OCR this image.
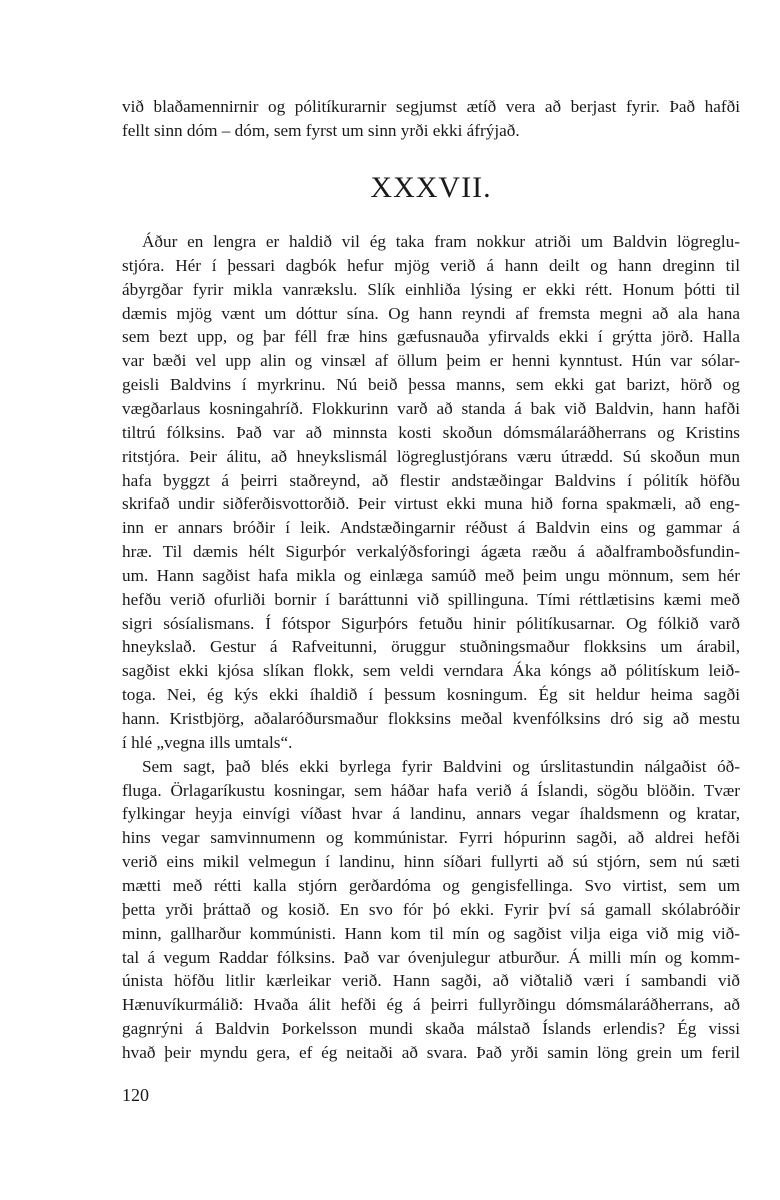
við blaðamennirnir og pólitíkurarnir segjumst ætíð vera að berjast fyrir. Það hafði
fellt sinn dóm – dóm, sem fyrst um sinn yrði ekki áfrýjað.
XXXVII.
Áður en lengra er haldið vil ég taka fram nokkur atriði um Baldvin lögreglu-
stjóra. Hér í þessari dagbók hefur mjög verið á hann deilt og hann dreginn til
ábyrgðar fyrir mikla vanrækslu. Slík einhliða lýsing er ekki rétt. Honum þótti til
dæmis mjög vænt um dóttur sína. Og hann reyndi af fremsta megni að ala hana
sem bezt upp, og þar féll fræ hins gæfusnauða yfirvalds ekki í grýtta jörð. Halla
var bæði vel upp alin og vinsæl af öllum þeim er henni kynntust. Hún var sólar-
geisli Baldvins í myrkrinu. Nú beið þessa manns, sem ekki gat barizt, hörð og
vægðarlaus kosningahríð. Flokkurinn varð að standa á bak við Baldvin, hann hafði
tiltrú fólksins. Það var að minnsta kosti skoðun dómsmálaráðherrans og Kristins
ritstjóra. Þeir álitu, að hneykslismál lögreglustjórans væru útrædd. Sú skoðun mun
hafa byggzt á þeirri staðreynd, að flestir andstæðingar Baldvins í pólitík höfðu
skrifað undir siðferðisvottorðið. Þeir virtust ekki muna hið forna spakmæli, að eng-
inn er annars bróðir í leik. Andstæðingarnir réðust á Baldvin eins og gammar á
hræ. Til dæmis hélt Sigurþór verkalýðsforingi ágæta ræðu á aðalframboðsfundin-
um. Hann sagðist hafa mikla og einlæga samúð með þeim ungu mönnum, sem hér
hefðu verið ofurliði bornir í baráttunni við spillinguna. Tími réttlætisins kæmi með
sigri sósíalismans. Í fótspor Sigurþórs fetuðu hinir pólitíkusarnar. Og fólkið varð
hneykslað. Gestur á Rafveitunni, öruggur stuðningsmaður flokksins um árabil,
sagðist ekki kjósa slíkan flokk, sem veldi verndara Áka kóngs að pólitískum leið-
toga. Nei, ég kýs ekki íhaldið í þessum kosningum. Ég sit heldur heima sagði
hann. Kristbjörg, aðalaróðursmaður flokksins meðal kvenfólksins dró sig að mestu
í hlé „vegna ills umtals“.
Sem sagt, það blés ekki byrlega fyrir Baldvini og úrslitastundin nálgaðist óð-
fluga. Örlagaríkustu kosningar, sem háðar hafa verið á Íslandi, sögðu blöðin. Tvær
fylkingar heyja einvígi víðast hvar á landinu, annars vegar íhaldsmenn og kratar,
hins vegar samvinnumenn og kommúnistar. Fyrri hópurinn sagði, að aldrei hefði
verið eins mikil velmegun í landinu, hinn síðari fullyrti að sú stjórn, sem nú sæti
mætti með rétti kalla stjórn gerðardóma og gengisfellinga. Svo virtist, sem um
þetta yrði þráttað og kosið. En svo fór þó ekki. Fyrir því sá gamall skólabróðir
minn, gallharður kommúnisti. Hann kom til mín og sagðist vilja eiga við mig við-
tal á vegum Raddar fólksins. Það var óvenjulegur atburður. Á milli mín og komm-
únista höfðu litlir kærleikar verið. Hann sagði, að viðtalið væri í sambandi við
Hænuvíkurmálið: Hvaða álit hefði ég á þeirri fullyrðingu dómsmálaráðherrans, að
gagnrýni á Baldvin Þorkelsson mundi skaða málstað Íslands erlendis? Ég vissi
hvað þeir myndu gera, ef ég neitaði að svara. Það yrði samin löng grein um feril
120
